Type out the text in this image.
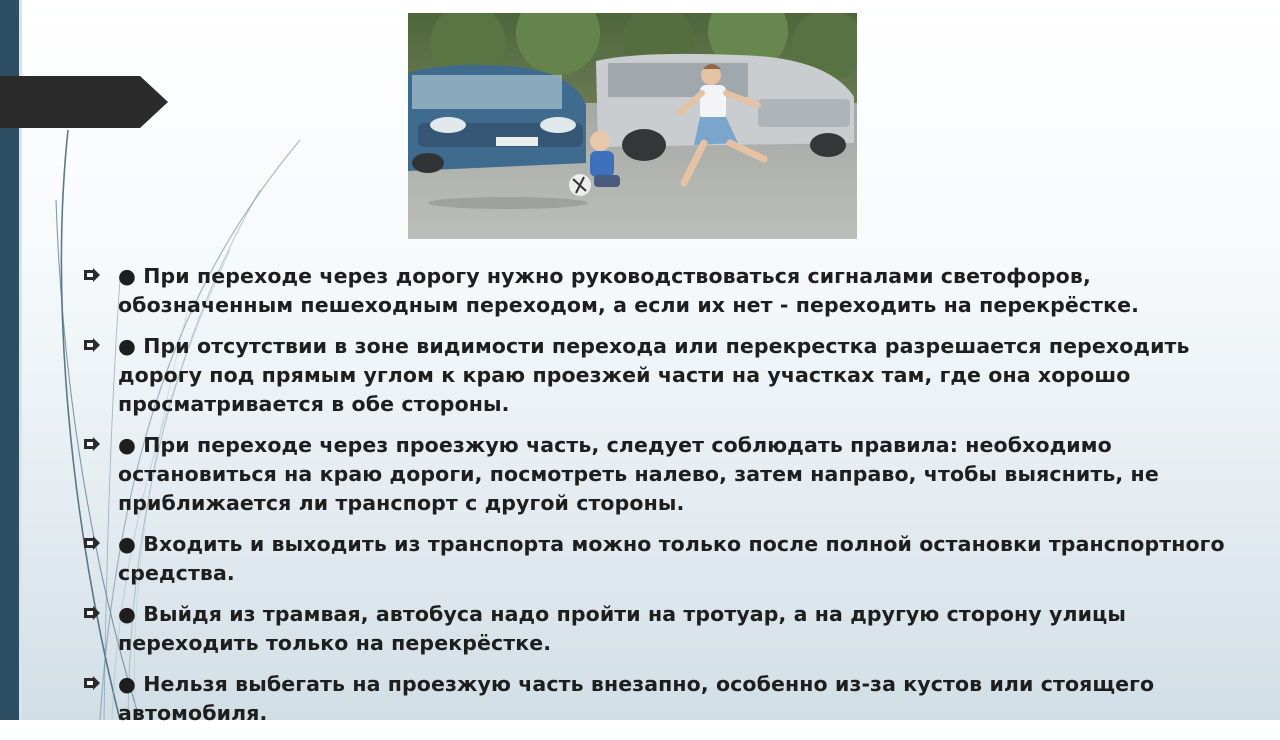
● При переходе через дорогу нужно руководствоваться сигналами светофоров, обозначенным пешеходным переходом, а если их нет - переходить на перекрёстке.
● При отсутствии в зоне видимости перехода или перекрестка разрешается переходить дорогу под прямым углом к краю проезжей части на участках там, где она хорошо просматривается в обе стороны.
● При переходе через проезжую часть, следует соблюдать правила: необходимо остановиться на краю дороги, посмотреть налево, затем направо, чтобы выяснить, не приближается ли транспорт с другой стороны.
● Входить и выходить из транспорта можно только после полной остановки транспортного средства.
● Выйдя из трамвая, автобуса надо пройти на тротуар, а на другую сторону улицы переходить только на перекрёстке.
● Нельзя выбегать на проезжую часть внезапно, особенно из-за кустов или стоящего автомобиля.
